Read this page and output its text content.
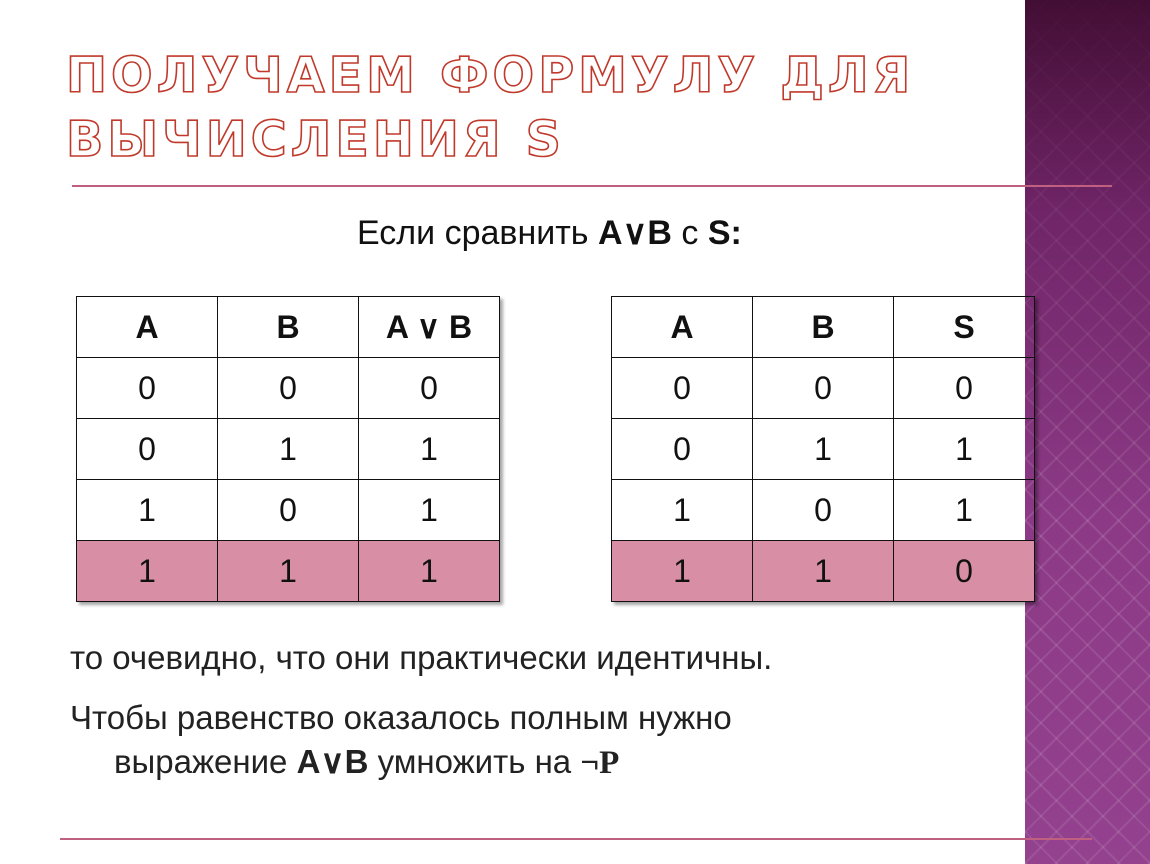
ПОЛУЧАЕМ ФОРМУЛУ ДЛЯ
ВЫЧИСЛЕНИЯ S
Если сравнить A∨B с S:
A	B	A ∨ B
0	0	0
0	1	1
1	0	1
1	1	1
A	B	S
0	0	0
0	1	1
1	0	1
1	1	0
то очевидно, что они практически идентичны.
Чтобы равенство оказалось полным нужно
выражение A∨B умножить на ¬P
